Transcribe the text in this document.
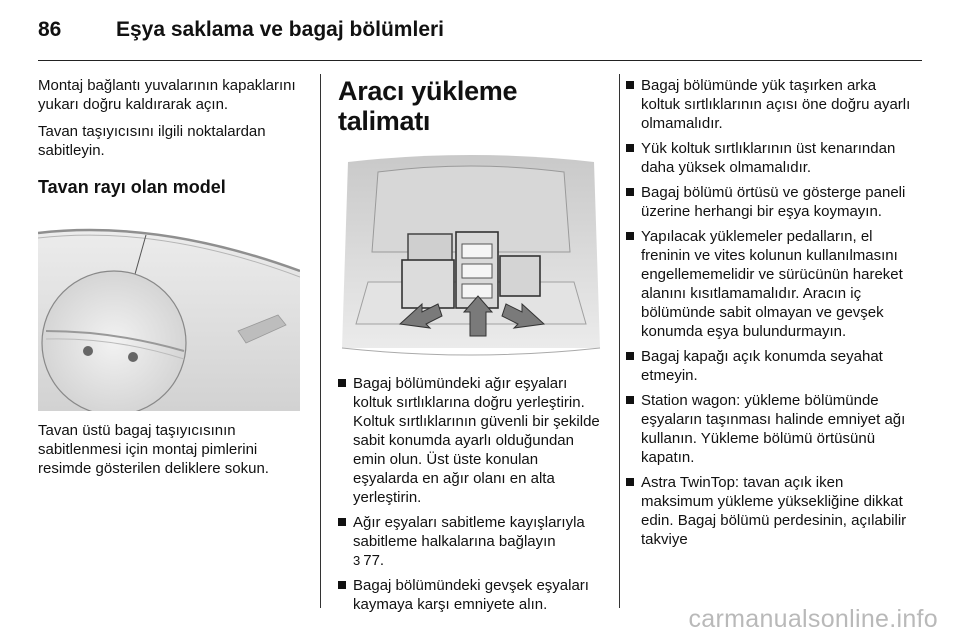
86	Eşya saklama ve bagaj bölümleri

Montaj bağlantı yuvalarının kapaklarını yukarı doğru kaldırarak açın.

Tavan taşıyıcısını ilgili noktalardan sabitleyin.

Tavan rayı olan model

Tavan üstü bagaj taşıyıcısının sabitlenmesi için montaj pimlerini resimde gösterilen deliklere sokun.

Aracı yükleme talimatı
Bagaj bölümündeki ağır eşyaları koltuk sırtlıklarına doğru yerleştirin. Koltuk sırtlıklarının güvenli bir şekilde sabit konumda ayarlı olduğundan emin olun. Üst üste konulan eşyalarda en ağır olanı en alta yerleştirin.
Ağır eşyaları sabitleme kayışlarıyla sabitleme halkalarına bağlayın
3 77.
Bagaj bölümündeki gevşek eşyaları kaymaya karşı emniyete alın.
Bagaj bölümünde yük taşırken arka koltuk sırtlıklarının açısı öne doğru ayarlı olmamalıdır.
Yük koltuk sırtlıklarının üst kenarından daha yüksek olmamalıdır.
Bagaj bölümü örtüsü ve gösterge paneli üzerine herhangi bir eşya koymayın.
Yapılacak yüklemeler pedalların, el freninin ve vites kolunun kullanılmasını engellememelidir ve sürücünün hareket alanını kısıtlamamalıdır. Aracın iç bölümünde sabit olmayan ve gevşek konumda eşya bulundurmayın.
Bagaj kapağı açık konumda seyahat etmeyin.
Station wagon: yükleme bölümünde eşyaların taşınması halinde emniyet ağı kullanın. Yükleme bölümü örtüsünü kapatın.
Astra TwinTop: tavan açık iken maksimum yükleme yüksekliğine dikkat edin. Bagaj bölümü perdesinin, açılabilir takviye
carmanualsonline.info
